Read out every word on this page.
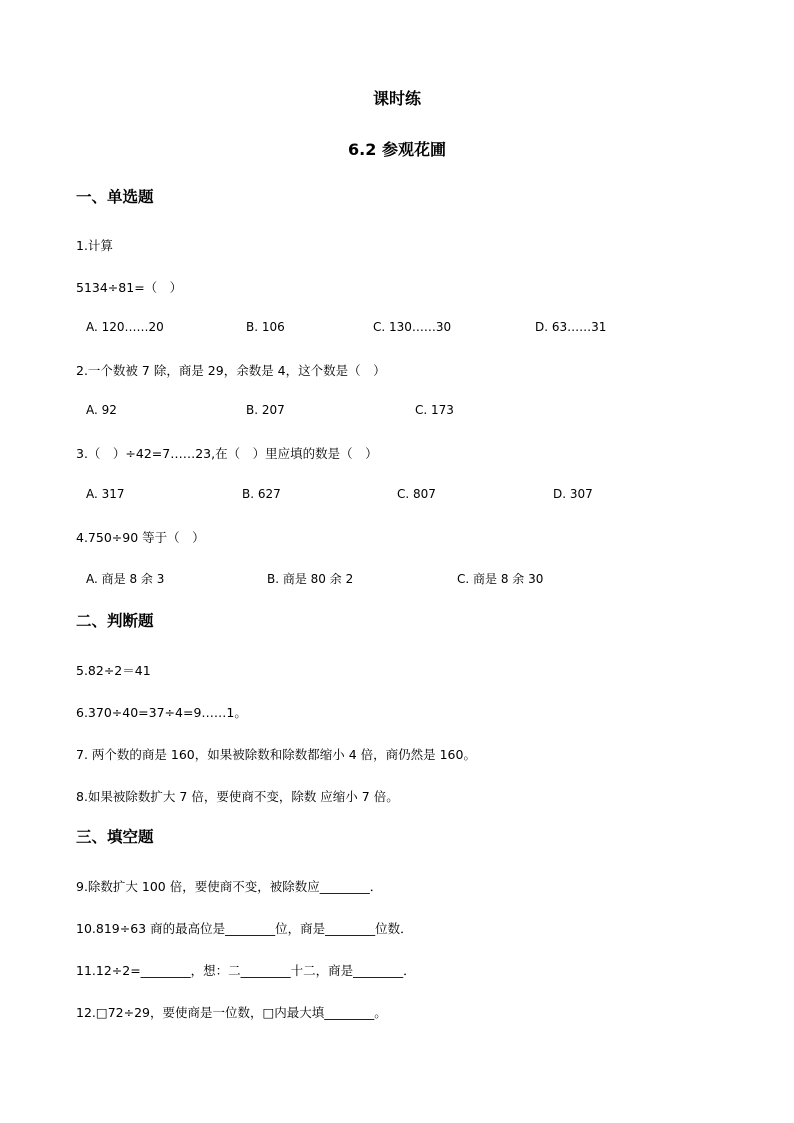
课时练
6.2 参观花圃
一、单选题
1.计算
5134÷81=（　）
A. 120……20	B. 106	C. 130……30	D. 63……31
2.一个数被 7 除，商是 29，余数是 4，这个数是（　）
A. 92	B. 207	C. 173
3.（　）÷42=7……23,在（　）里应填的数是（　）
A. 317	B. 627	C. 807	D. 307
4.750÷90 等于（　）
A. 商是 8 余 3	B. 商是 80 余 2	C. 商是 8 余 30
二、判断题
5.82÷2＝41
6.370÷40=37÷4=9……1。
7. 两个数的商是 160，如果被除数和除数都缩小 4 倍，商仍然是 160。
8.如果被除数扩大 7 倍，要使商不变，除数 应缩小 7 倍。
三、填空题
9.除数扩大 100 倍，要使商不变，被除数应________．
10.819÷63 商的最高位是________位，商是________位数．
11.12÷2=________，想：二________十二，商是________．
12.□72÷29，要使商是一位数，□内最大填________。
